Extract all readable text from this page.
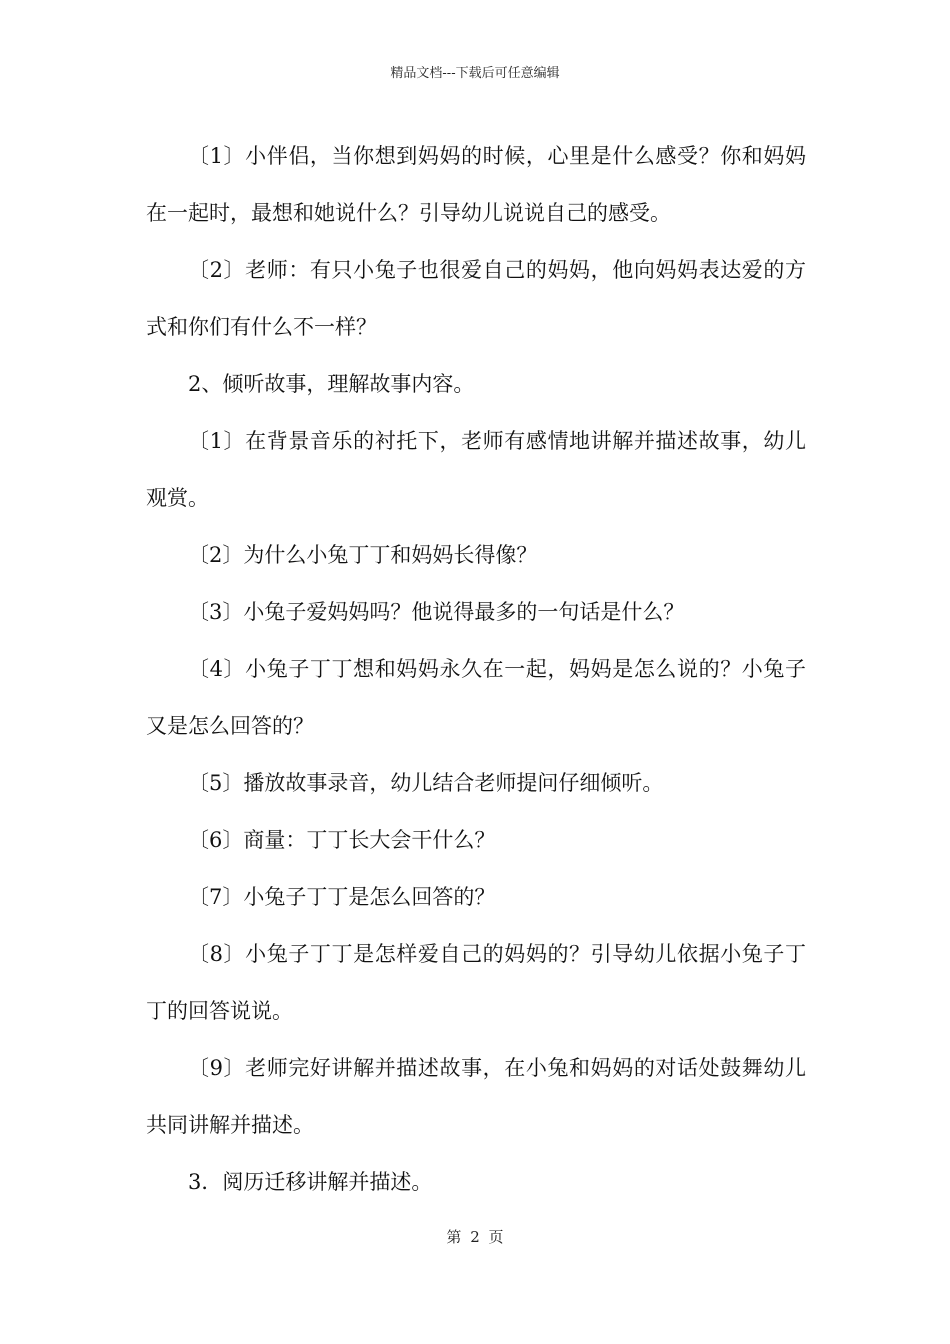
精品文档---下载后可任意编辑

〔1〕小伴侣，当你想到妈妈的时候，心里是什么感受？你和妈妈在一起时，最想和她说什么？引导幼儿说说自己的感受。

〔2〕老师：有只小兔子也很爱自己的妈妈，他向妈妈表达爱的方式和你们有什么不一样？

2、倾听故事，理解故事内容。

〔1〕在背景音乐的衬托下，老师有感情地讲解并描述故事，幼儿观赏。

〔2〕为什么小兔丁丁和妈妈长得像？

〔3〕小兔子爱妈妈吗？他说得最多的一句话是什么？

〔4〕小兔子丁丁想和妈妈永久在一起，妈妈是怎么说的？小兔子又是怎么回答的？

〔5〕播放故事录音，幼儿结合老师提问仔细倾听。

〔6〕商量：丁丁长大会干什么？

〔7〕小兔子丁丁是怎么回答的？

〔8〕小兔子丁丁是怎样爱自己的妈妈的？引导幼儿依据小兔子丁丁的回答说说。

〔9〕老师完好讲解并描述故事，在小兔和妈妈的对话处鼓舞幼儿共同讲解并描述。

3．阅历迁移讲解并描述。

第 2 页
